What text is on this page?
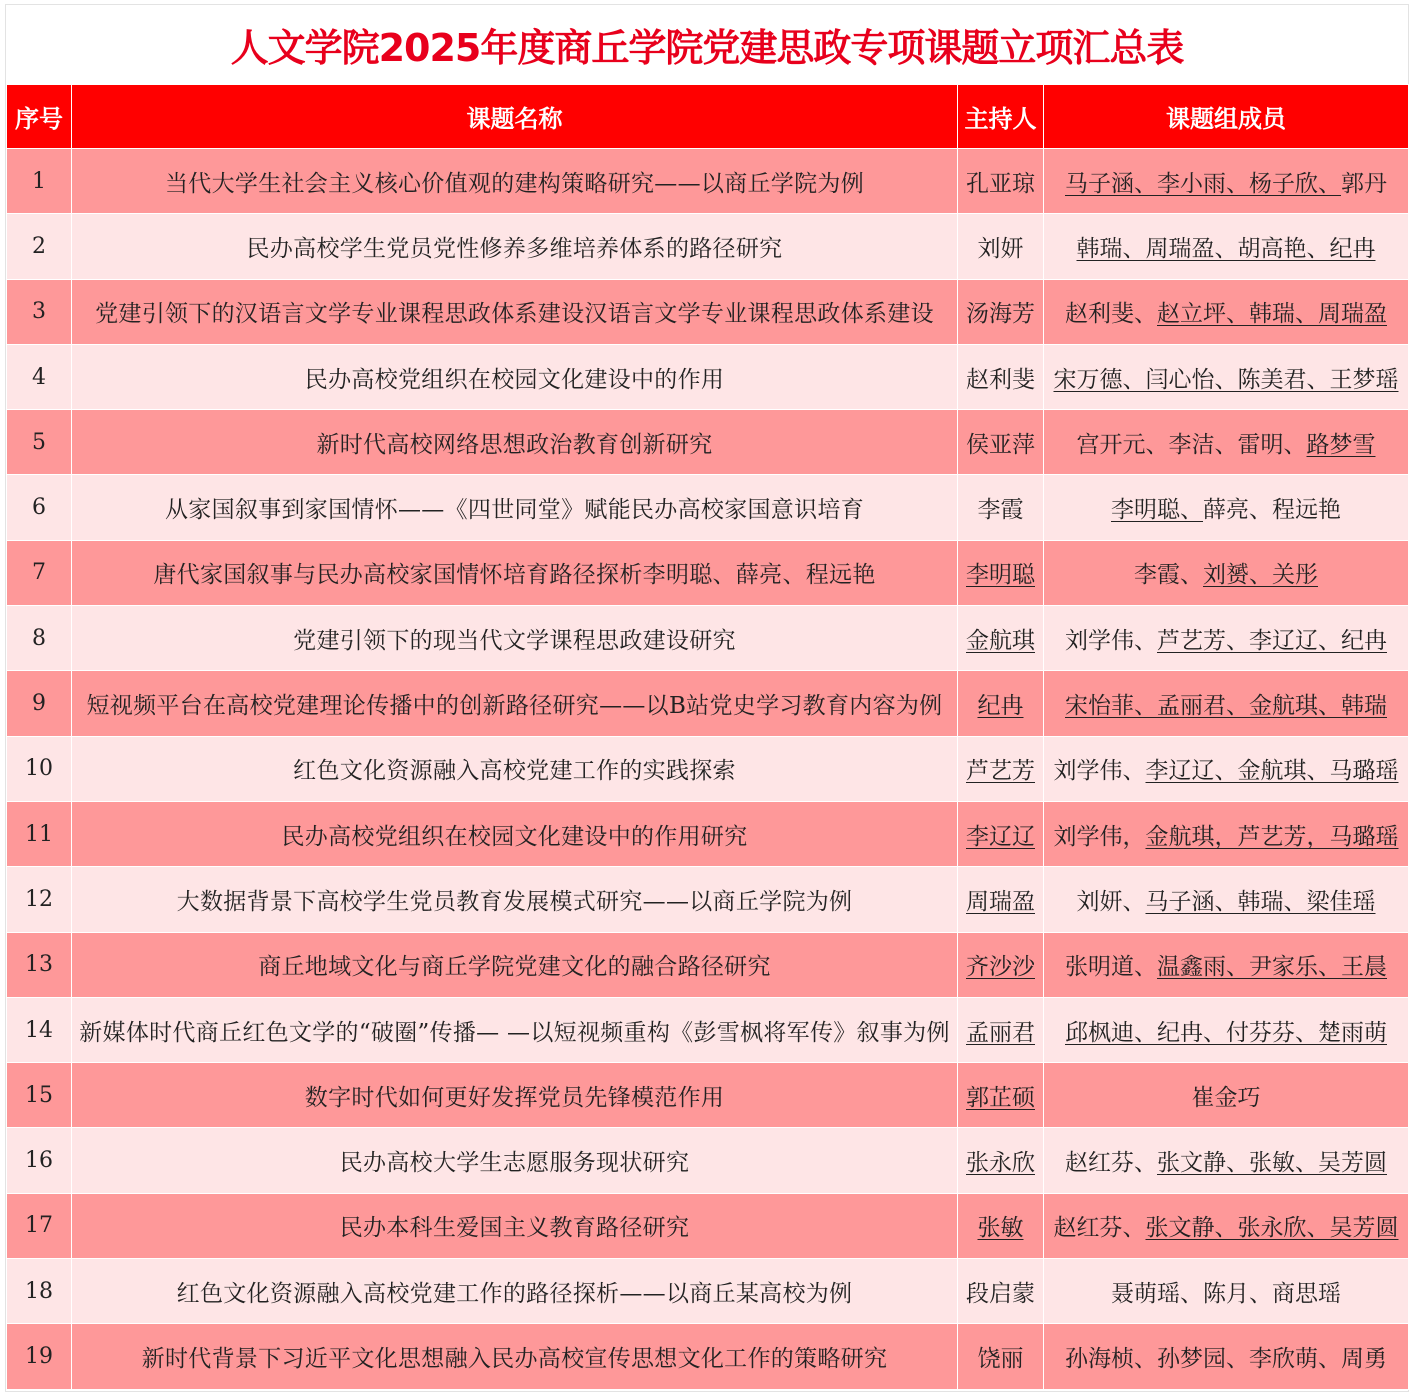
人文学院2025年度商丘学院党建思政专项课题立项汇总表
序号	课题名称	主持人	课题组成员
1	当代大学生社会主义核心价值观的建构策略研究——以商丘学院为例	孔亚琼	马子涵、李小雨、杨子欣、郭丹
2	民办高校学生党员党性修养多维培养体系的路径研究	刘妍	韩瑞、周瑞盈、胡高艳、纪冉
3	党建引领下的汉语言文学专业课程思政体系建设汉语言文学专业课程思政体系建设	汤海芳	赵利斐、赵立坪、韩瑞、周瑞盈
4	民办高校党组织在校园文化建设中的作用	赵利斐	宋万德、闫心怡、陈美君、王梦瑶
5	新时代高校网络思想政治教育创新研究	侯亚萍	宫开元、李洁、雷明、路梦雪
6	从家国叙事到家国情怀——《四世同堂》赋能民办高校家国意识培育	李霞	李明聪、薛亮、程远艳
7	唐代家国叙事与民办高校家国情怀培育路径探析李明聪、薛亮、程远艳	李明聪	李霞、刘赟、关彤
8	党建引领下的现当代文学课程思政建设研究	金航琪	刘学伟、芦艺芳、李辽辽、纪冉
9	短视频平台在高校党建理论传播中的创新路径研究——以B站党史学习教育内容为例	纪冉	宋怡菲、孟丽君、金航琪、韩瑞
10	红色文化资源融入高校党建工作的实践探索	芦艺芳	刘学伟、李辽辽、金航琪、马璐瑶
11	民办高校党组织在校园文化建设中的作用研究	李辽辽	刘学伟，金航琪，芦艺芳，马璐瑶
12	大数据背景下高校学生党员教育发展模式研究——以商丘学院为例	周瑞盈	刘妍、马子涵、韩瑞、梁佳瑶
13	商丘地域文化与商丘学院党建文化的融合路径研究	齐沙沙	张明道、温鑫雨、尹家乐、王晨
14	新媒体时代商丘红色文学的“破圈”传播— —以短视频重构《彭雪枫将军传》叙事为例	孟丽君	邱枫迪、纪冉、付芬芬、楚雨萌
15	数字时代如何更好发挥党员先锋模范作用	郭芷硕	崔金巧
16	民办高校大学生志愿服务现状研究	张永欣	赵红芬、张文静、张敏、吴芳圆
17	民办本科生爱国主义教育路径研究	张敏	赵红芬、张文静、张永欣、吴芳圆
18	红色文化资源融入高校党建工作的路径探析——以商丘某高校为例	段启蒙	聂萌瑶、陈月、商思瑶
19	新时代背景下习近平文化思想融入民办高校宣传思想文化工作的策略研究	饶丽	孙海桢、孙梦园、李欣萌、周勇
